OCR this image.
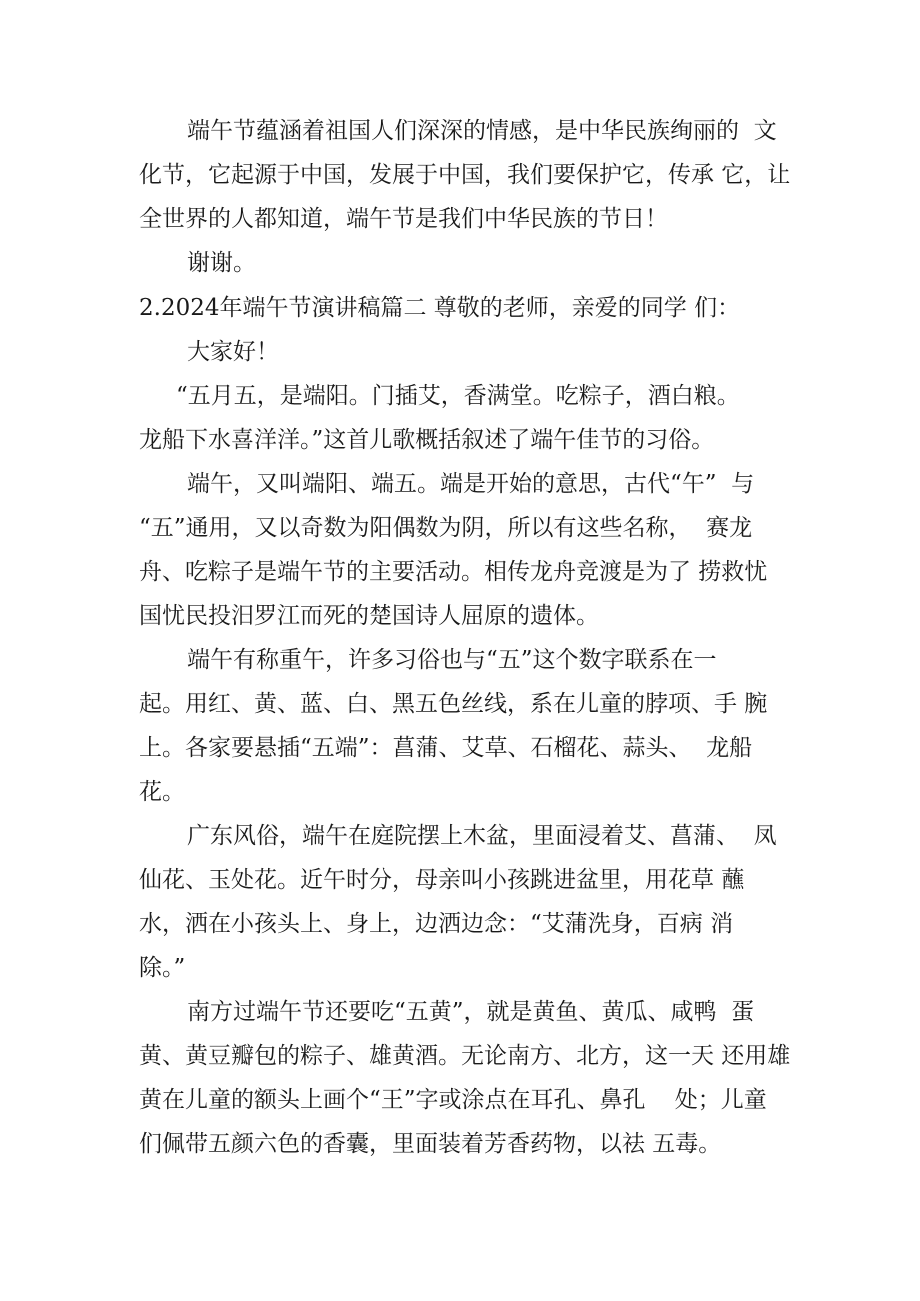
端午节蕴涵着祖国人们深深的情感，是中华民族绚丽的  文
化节，它起源于中国，发展于中国，我们要保护它，传承 它，让
全世界的人都知道，端午节是我们中华民族的节日！
谢谢。
2.2024年端午节演讲稿篇二 尊敬的老师，亲爱的同学 们：
大家好！
“五月五，是端阳。门插艾，香满堂。吃粽子，酒白粮。
龙船下水喜洋洋。”这首儿歌概括叙述了端午佳节的习俗。
端午，又叫端阳、端五。端是开始的意思，古代“午”  与
“五”通用，又以奇数为阳偶数为阴，所以有这些名称，  赛龙
舟、吃粽子是端午节的主要活动。相传龙舟竞渡是为了 捞救忧
国忧民投汨罗江而死的楚国诗人屈原的遗体。
端午有称重午，许多习俗也与“五”这个数字联系在一
起。用红、黄、蓝、白、黑五色丝线，系在儿童的脖项、手 腕
上。各家要悬插“五端”：菖蒲、艾草、石榴花、蒜头、  龙船
花。
广东风俗，端午在庭院摆上木盆，里面浸着艾、菖蒲、  凤
仙花、玉处花。近午时分，母亲叫小孩跳进盆里，用花草 蘸
水，洒在小孩头上、身上，边洒边念：“艾蒲洗身，百病 消
除。”
南方过端午节还要吃“五黄”，就是黄鱼、黄瓜、咸鸭  蛋
黄、黄豆瓣包的粽子、雄黄酒。无论南方、北方，这一天 还用雄
黄在儿童的额头上画个“王”字或涂点在耳孔、鼻孔    处；儿童
们佩带五颜六色的香囊，里面装着芳香药物，以祛 五毒。
